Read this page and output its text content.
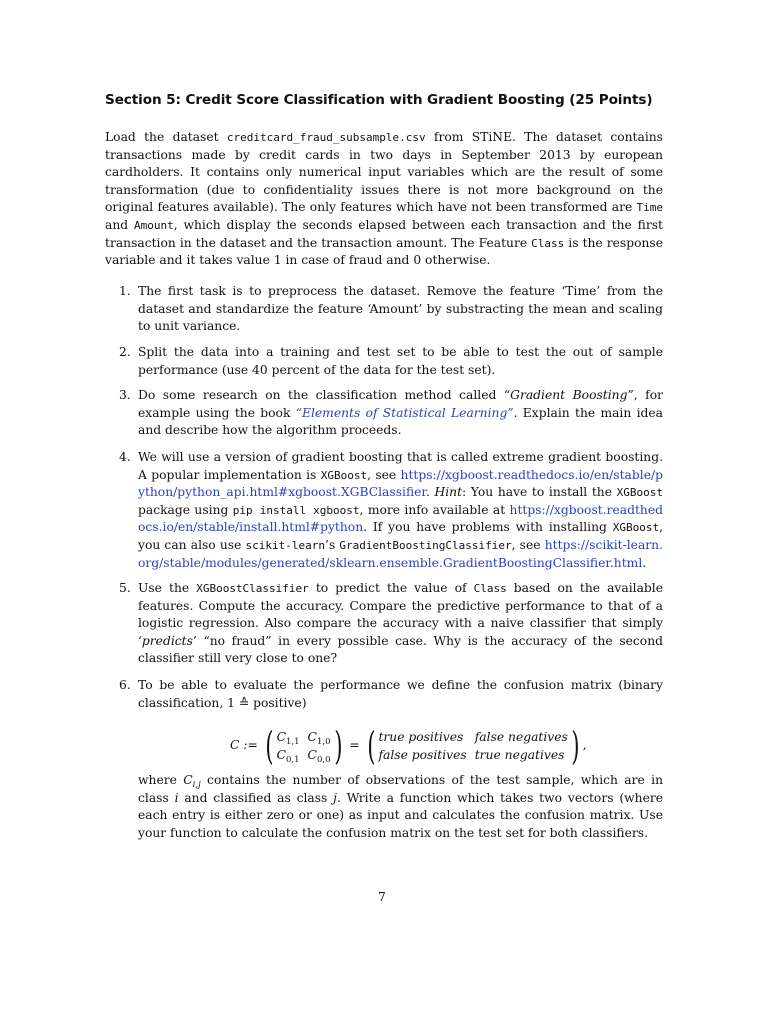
Section 5: Credit Score Classification with Gradient Boosting (25 Points)
Load the dataset creditcard_fraud_subsample.csv from STiNE. The dataset contains transactions made by credit cards in two days in September 2013 by european cardholders. It contains only numerical input variables which are the result of some transformation (due to confidentiality issues there is not more background on the original features available). The only features which have not been transformed are Time and Amount, which display the seconds elapsed between each transaction and the first transaction in the dataset and the transaction amount. The Feature Class is the response variable and it takes value 1 in case of fraud and 0 otherwise.
1. The first task is to preprocess the dataset. Remove the feature ‘Time’ from the dataset and standardize the feature ‘Amount’ by substracting the mean and scaling to unit variance.
2. Split the data into a training and test set to be able to test the out of sample performance (use 40 percent of the data for the test set).
3. Do some research on the classification method called “Gradient Boosting”, for example using the book “Elements of Statistical Learning”. Explain the main idea and describe how the algorithm proceeds.
4. We will use a version of gradient boosting that is called extreme gradient boosting. A popular implementation is XGBoost, see https://xgboost.readthedocs.io/en/stable/python/python_api.html#xgboost.XGBClassifier. Hint: You have to install the XGBoost package using pip install xgboost, more info available at https://xgboost.readthedocs.io/en/stable/install.html#python. If you have problems with installing XGBoost, you can also use scikit-learn’s GradientBoostingClassifier, see https://scikit-learn.org/stable/modules/generated/sklearn.ensemble.GradientBoostingClassifier.html.
5. Use the XGBoostClassifier to predict the value of Class based on the available features. Compute the accuracy. Compare the predictive performance to that of a logistic regression. Also compare the accuracy with a naive classifier that simply ‘predicts’ “no fraud” in every possible case. Why is the accuracy of the second classifier still very close to one?
6. To be able to evaluate the performance we define the confusion matrix (binary classification, 1 ≙ positive)
C := ( $C_{1,1}$ $C_{1,0}$
$C_{0,1}$ $C_{0,0}$ ) = ( true positives false negatives
false positives true negatives ) ,
where $C_{i,j}$ contains the number of observations of the test sample, which are in class i and classified as class j. Write a function which takes two vectors (where each entry is either zero or one) as input and calculates the confusion matrix. Use your function to calculate the confusion matrix on the test set for both classifiers.
7
